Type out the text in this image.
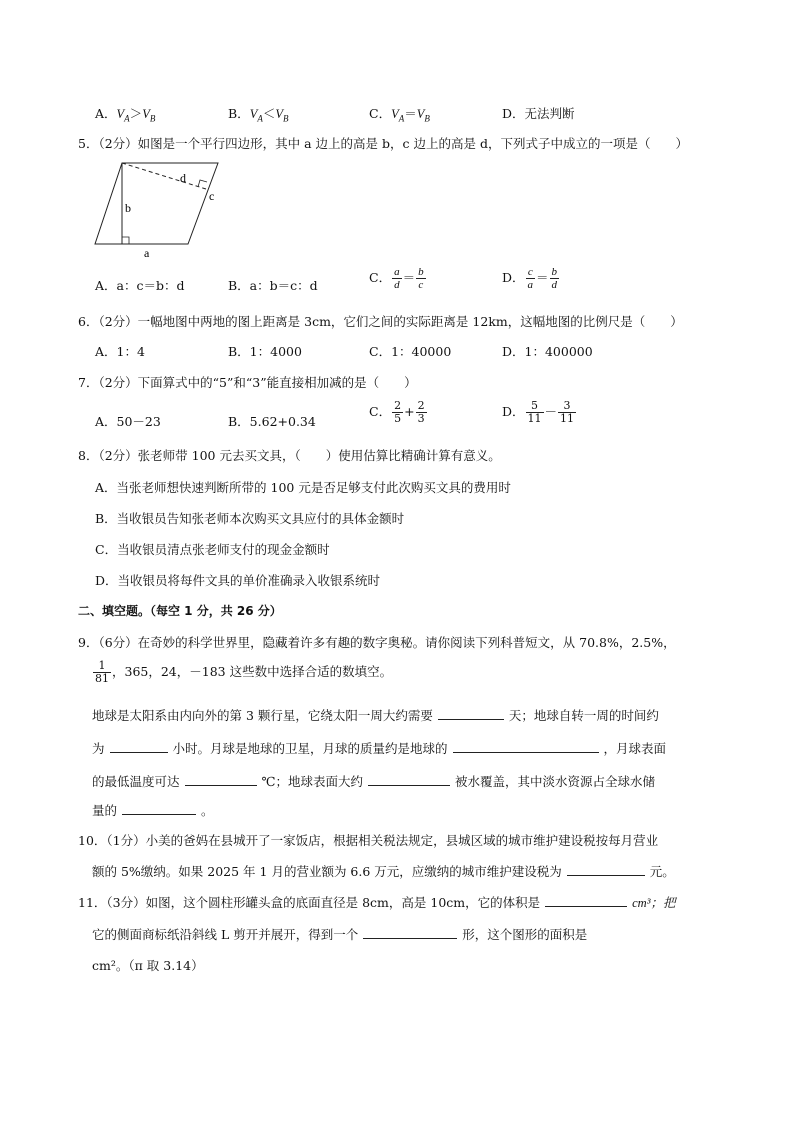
A．$V_A>V_B$	B．$V_A<V_B$	C．$V_A=V_B$	D．无法判断
5．（2分）如图是一个平行四边形，其中 a 边上的高是 b，c 边上的高是 d，下列式子中成立的一项是（　　）
b
d
c
a
A．a：c＝b：d	B．a：b＝c：d
C． $\frac{a}{d} = \frac{b}{c}$	D． $\frac{c}{a} = \frac{b}{d}$
6．（2分）一幅地图中两地的图上距离是 3cm，它们之间的实际距离是 12km，这幅地图的比例尺是（　　）
A．1：4	B．1：4000	C．1：40000	D．1：400000
7．（2分）下面算式中的“5”和“3”能直接相加减的是（　　）
A．50－23	B．5.62+0.34
C． $\frac{2}{5} + \frac{2}{3}$	D． $\frac{5}{11} - \frac{3}{11}$
8．（2分）张老师带 100 元去买文具，（　　）使用估算比精确计算有意义。
A．当张老师想快速判断所带的 100 元是否足够支付此次购买文具的费用时
B．当收银员告知张老师本次购买文具应付的具体金额时
C．当收银员清点张老师支付的现金金额时
D．当收银员将每件文具的单价准确录入收银系统时
二、填空题。（每空 1 分，共 26 分）
9．（6分）在奇妙的科学世界里，隐藏着许多有趣的数字奥秘。请你阅读下列科普短文，从 70.8%，2.5%，
$\frac{1}{81}$ ，365，24，－183 这些数中选择合适的数填空。
地球是太阳系由内向外的第 3 颗行星，它绕太阳一周大约需要	天；地球自转一周的时间约
为	小时。月球是地球的卫星，月球的质量约是地球的	，月球表面
的最低温度可达	℃；地球表面大约	被水覆盖，其中淡水资源占全球水储
量的	。
10．（1分）小美的爸妈在县城开了一家饭店，根据相关税法规定，县城区域的城市维护建设税按每月营业
额的 5%缴纳。如果 2025 年 1 月的营业额为 6.6 万元，应缴纳的城市维护建设税为	元。
11．（3分）如图，这个圆柱形罐头盒的底面直径是 8cm，高是 10cm，它的体积是	cm³；把
它的侧面商标纸沿斜线 L 剪开并展开，得到一个	形，这个图形的面积是
cm²。（π 取 3.14）
